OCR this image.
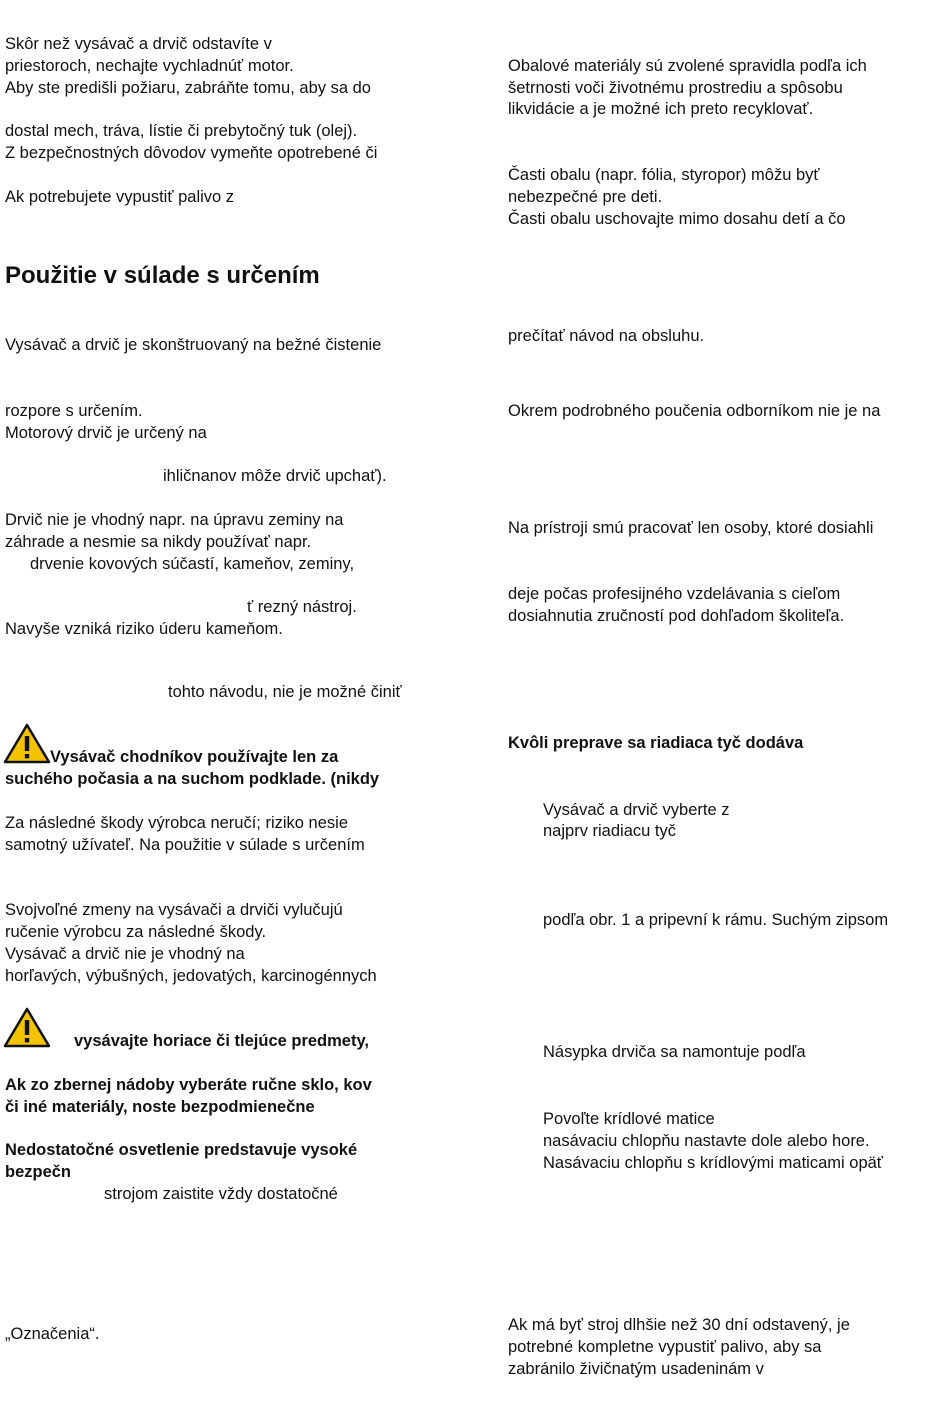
Skôr než vysávač a drvič odstavíte v

priestoroch, nechajte vychladnúť motor.

Aby ste predišli požiaru, zabráňte tomu, aby sa do

dostal mech, tráva, lístie či prebytočný tuk (olej).

Z bezpečnostných dôvodov vymeňte opotrebené či

Ak potrebujete vypustiť palivo z

Použitie v súlade s určením

Vysávač a drvič je skonštruovaný na bežné čistenie

rozpore s určením.

Motorový drvič je určený na

ihličnanov môže drvič upchať).

Drvič nie je vhodný napr. na úpravu zeminy na

záhrade a nesmie sa nikdy používať napr.

drvenie kovových súčastí, kameňov, zeminy,

ť rezný nástroj.

Navyše vzniká riziko úderu kameňom.

tohto návodu, nie je možné činiť

Vysávač chodníkov používajte len za

suchého počasia a na suchom podklade. (nikdy

Za následné škody výrobca neručí; riziko nesie

samotný užívateľ. Na použitie v súlade s určením

Svojvoľné zmeny na vysávači a drviči vylučujú

ručenie výrobcu za následné škody.

Vysávač a drvič nie je vhodný na

horľavých, výbušných, jedovatých, karcinogénnych

vysávajte horiace či tlejúce predmety,

Ak zo zbernej nádoby vyberáte ručne sklo, kov

či iné materiály, noste bezpodmienečne

Nedostatočné osvetlenie predstavuje vysoké

bezpečn

strojom zaistite vždy dostatočné

„Označenia“.

Obalové materiály sú zvolené spravidla podľa ich

šetrnosti voči životnému prostrediu a spôsobu

likvidácie a je možné ich preto recyklovať.

Časti obalu (napr. fólia, styropor) môžu byť

nebezpečné pre deti.

Časti obalu uschovajte mimo dosahu detí a čo

prečítať návod na obsluhu.

Okrem podrobného poučenia odborníkom nie je na

Na prístroji smú pracovať len osoby, ktoré dosiahli

deje počas profesijného vzdelávania s cieľom

dosiahnutia zručností pod dohľadom školiteľa.

Kvôli preprave sa riadiaca tyč dodáva

Vysávač a drvič vyberte z

najprv riadiacu tyč

podľa obr. 1 a pripevní k rámu. Suchým zipsom

Násypka drviča sa namontuje podľa

Povoľte krídlové matice

nasávaciu chlopňu nastavte dole alebo hore.

Nasávaciu chlopňu s krídlovými maticami opäť

Ak má byť stroj dlhšie než 30 dní odstavený, je

potrebné kompletne vypustiť palivo, aby sa

zabránilo živičnatým usadeninám v
